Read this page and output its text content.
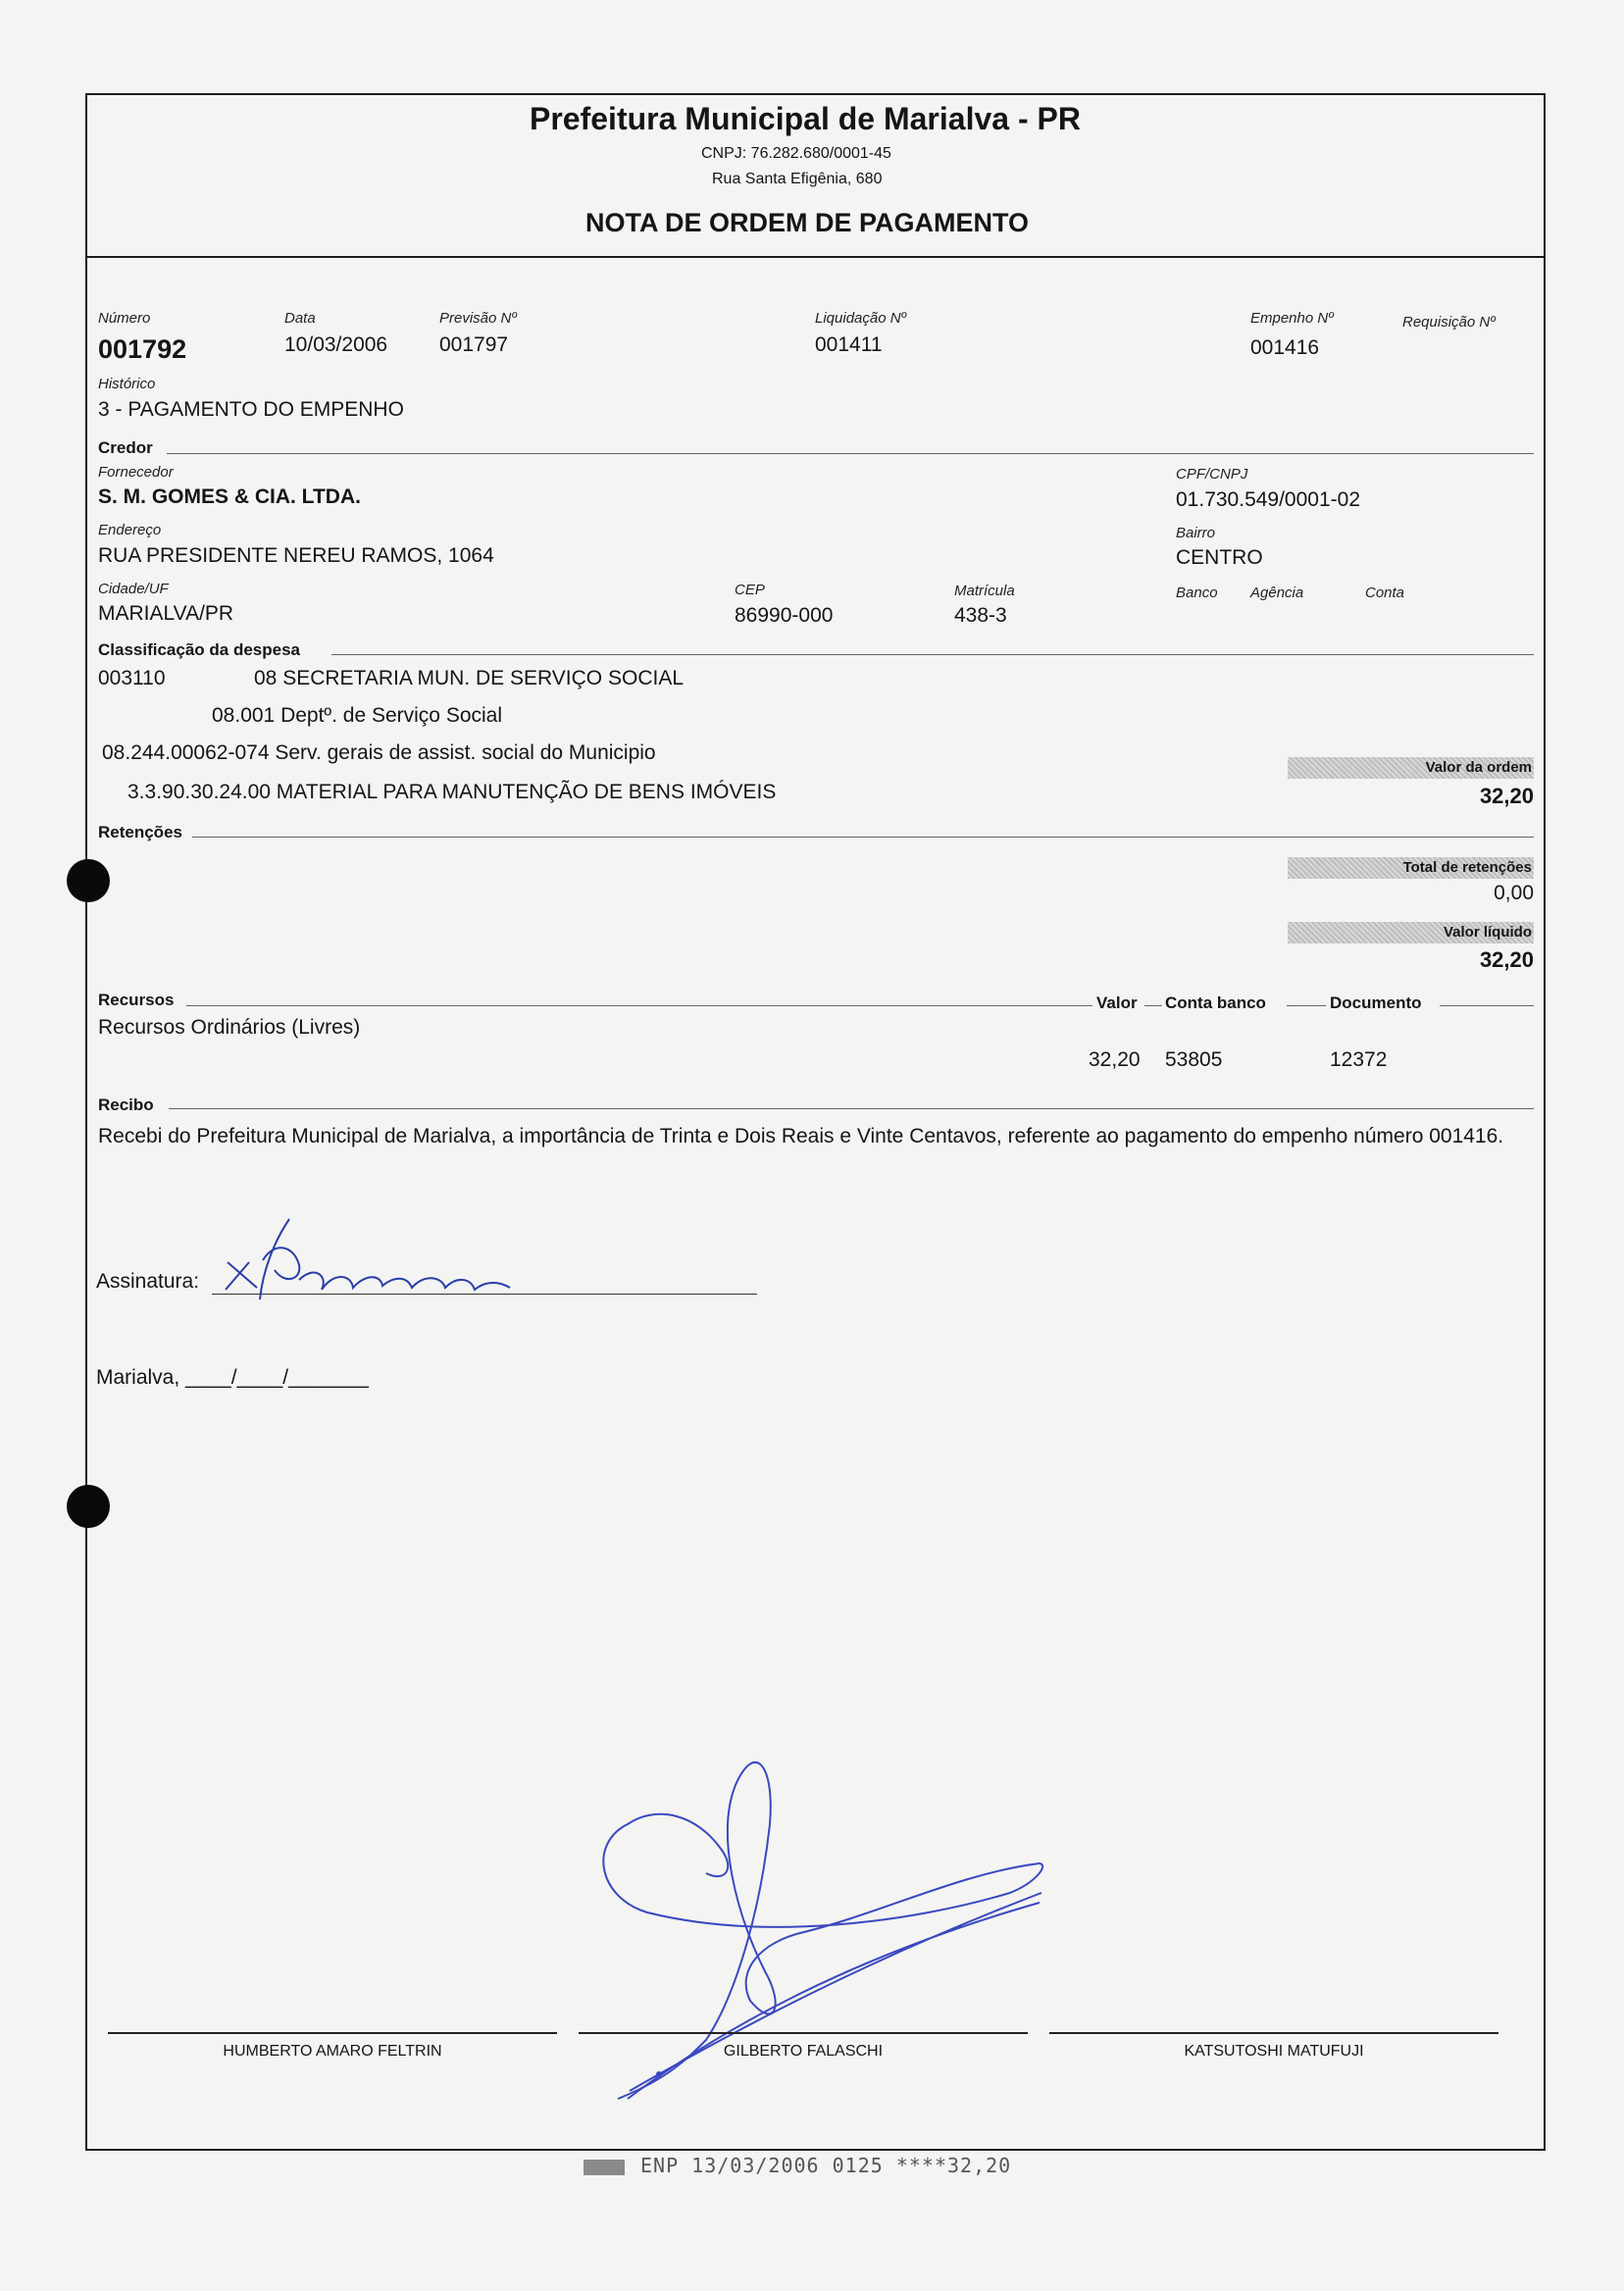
Prefeitura Municipal de Marialva - PR
CNPJ: 76.282.680/0001-45
Rua Santa Efigênia, 680
NOTA DE ORDEM DE PAGAMENTO
Número
001792
Data
10/03/2006
Previsão Nº
001797
Liquidação Nº
001411
Empenho Nº
001416
Requisição Nº
Histórico
3 - PAGAMENTO DO EMPENHO
Credor
Fornecedor
S. M. GOMES & CIA. LTDA.
CPF/CNPJ
01.730.549/0001-02
Endereço
RUA PRESIDENTE NEREU RAMOS, 1064
Bairro
CENTRO
Cidade/UF
MARIALVA/PR
CEP
86990-000
Matrícula
438-3
Banco Agência	Conta
Classificação da despesa
003110	08 SECRETARIA MUN. DE SERVIÇO SOCIAL
08.001 Deptº. de Serviço Social
08.244.00062-074 Serv. gerais de assist. social do Municipio
3.3.90.30.24.00 MATERIAL PARA MANUTENÇÃO DE BENS IMÓVEIS
Valor da ordem
32,20
Retenções
Total de retenções
0,00
Valor líquido
32,20
Recursos	Valor Conta banco	Documento
Recursos Ordinários (Livres)
32,20 53805	12372
Recibo
Recebi do Prefeitura Municipal de Marialva, a importância de Trinta e Dois Reais e Vinte Centavos, referente ao pagamento do empenho número 001416.
Assinatura:
Marialva, ____/____/_______
HUMBERTO AMARO FELTRIN	GILBERTO FALASCHI	KATSUTOSHI MATUFUJI
ENP 13/03/2006 0125 ****32,20
